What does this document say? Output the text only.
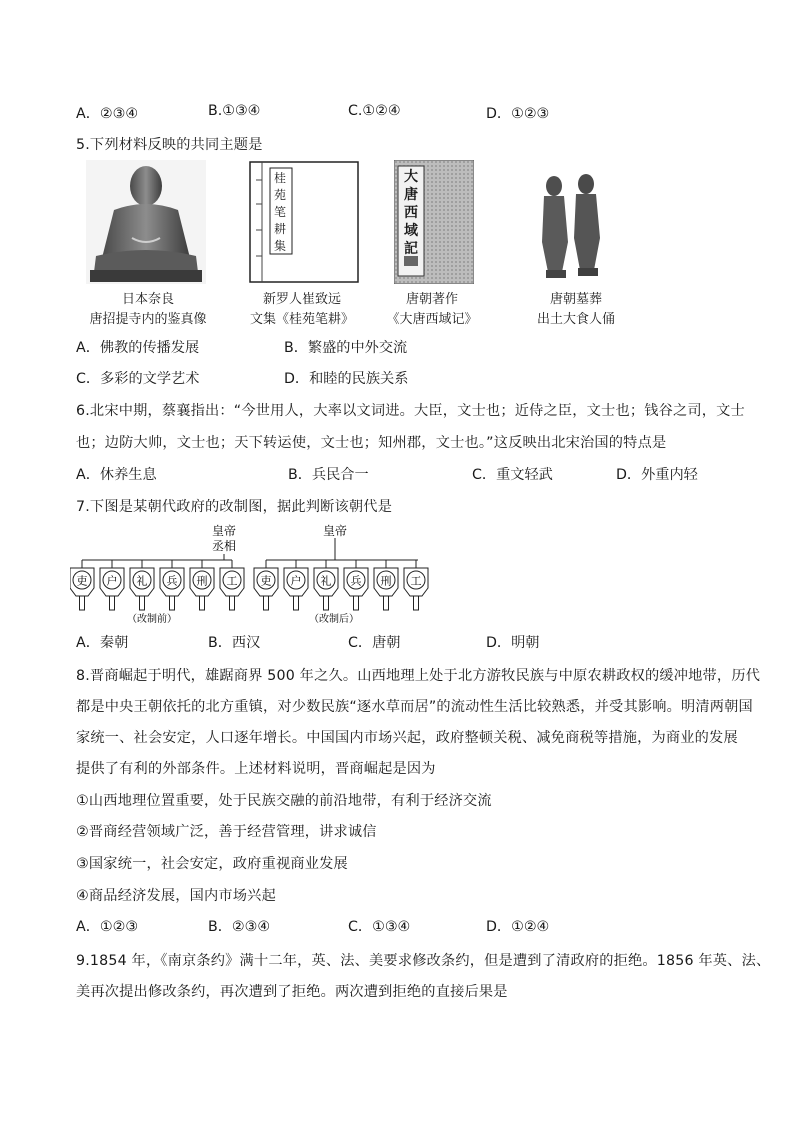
A．②③④	B.①③④	C.①②④	D．①②③
5.下列材料反映的共同主题是
桂苑笔耕集
大唐西域記
日本奈良
唐招提寺内的鉴真像
新罗人崔致远
文集《桂苑笔耕》
唐朝著作
《大唐西域记》
唐朝墓葬
出土大食人俑
A．佛教的传播发展	B．繁盛的中外交流
C．多彩的文学艺术	D．和睦的民族关系
6.北宋中期，蔡襄指出：“今世用人，大率以文词进。大臣，文士也；近侍之臣，文士也；钱谷之司，文士
也；边防大帅，文士也；天下转运使，文士也；知州郡，文士也。”这反映出北宋治国的特点是
A．休养生息	B．兵民合一	C．重文轻武	D．外重内轻
7.下图是某朝代政府的改制图，据此判断该朝代是
皇帝
丞相
皇帝
吏 户 礼 兵 刑 工 吏 户 礼 兵 刑 工
（改制前）	（改制后）
A．秦朝	B．西汉	C．唐朝	D．明朝
8.晋商崛起于明代，雄踞商界 500 年之久。山西地理上处于北方游牧民族与中原农耕政权的缓冲地带，历代
都是中央王朝依托的北方重镇，对少数民族“逐水草而居”的流动性生活比较熟悉，并受其影响。明清两朝国
家统一、社会安定，人口逐年增长。中国国内市场兴起，政府整顿关税、减免商税等措施，为商业的发展
提供了有利的外部条件。上述材料说明，晋商崛起是因为
①山西地理位置重要，处于民族交融的前沿地带，有利于经济交流
②晋商经营领域广泛，善于经营管理，讲求诚信
③国家统一，社会安定，政府重视商业发展
④商品经济发展，国内市场兴起
A．①②③	B．②③④	C．①③④	D．①②④
9.1854 年，《南京条约》满十二年，英、法、美要求修改条约，但是遭到了清政府的拒绝。1856 年英、法、
美再次提出修改条约，再次遭到了拒绝。两次遭到拒绝的直接后果是
